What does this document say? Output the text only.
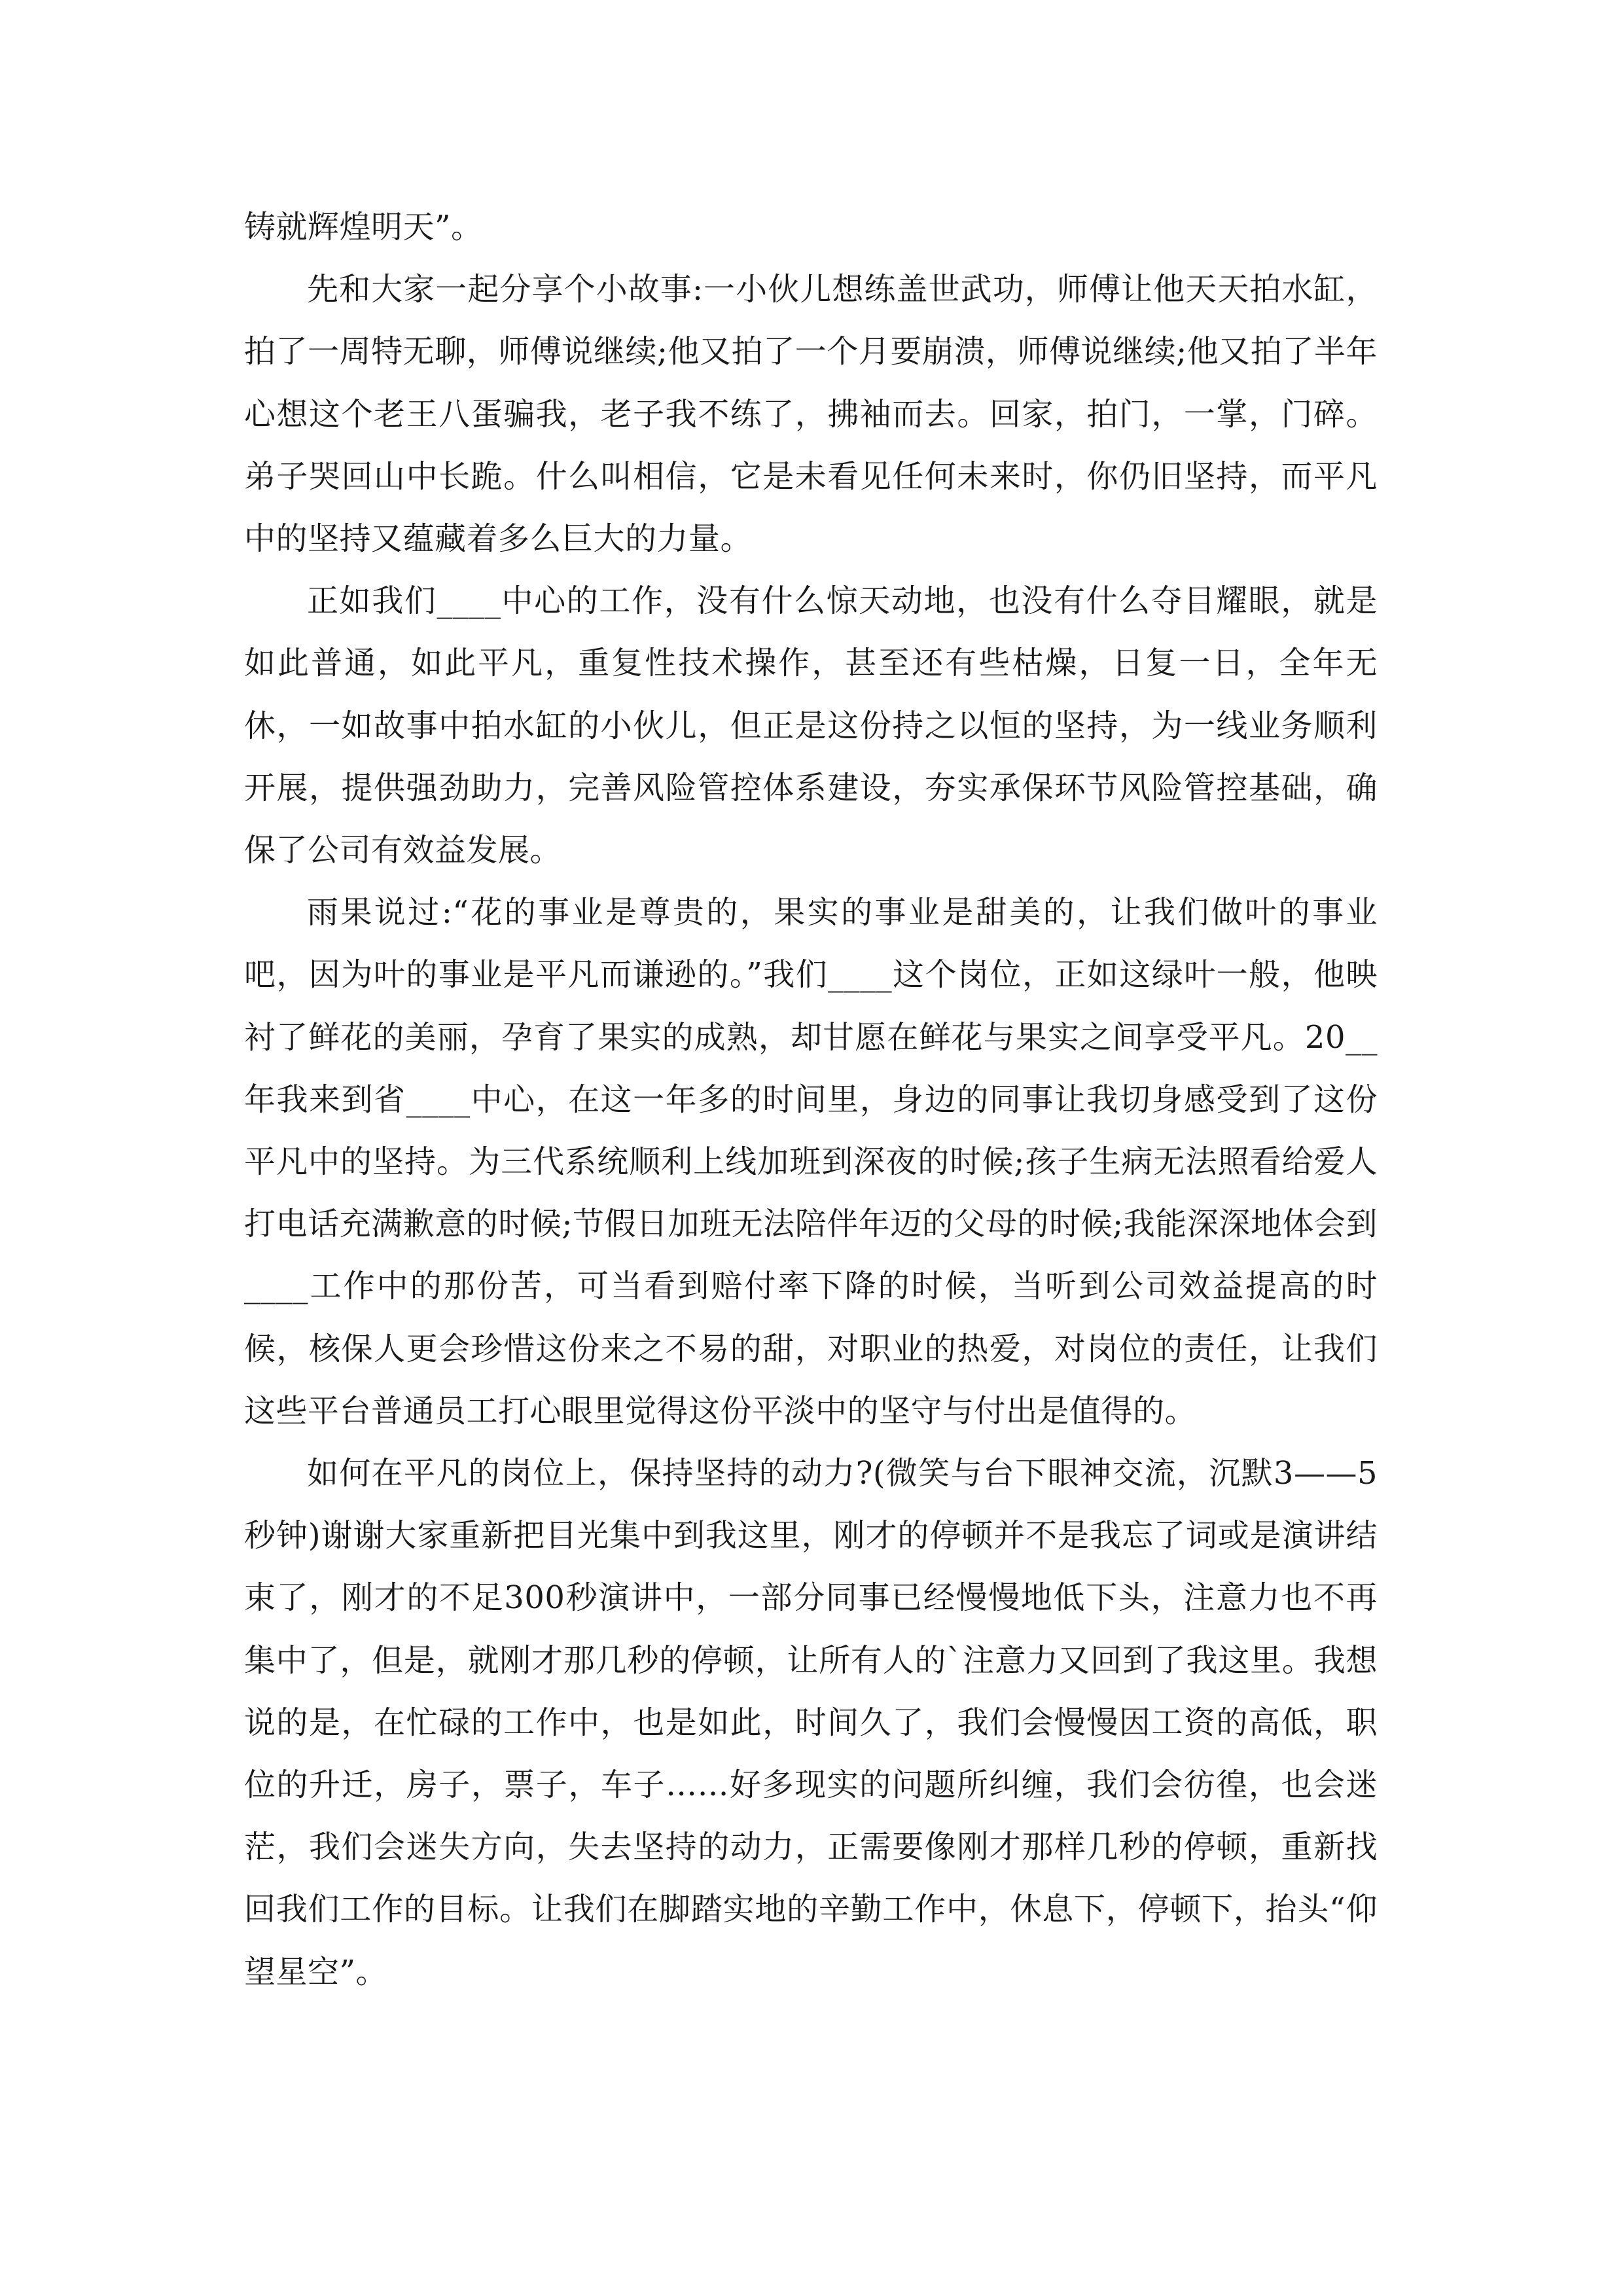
铸就辉煌明天”。

先和大家一起分享个小故事:一小伙儿想练盖世武功，师傅让他天天拍水缸，拍了一周特无聊，师傅说继续;他又拍了一个月要崩溃，师傅说继续;他又拍了半年心想这个老王八蛋骗我，老子我不练了，拂袖而去。回家，拍门，一掌，门碎。弟子哭回山中长跪。什么叫相信，它是未看见任何未来时，你仍旧坚持，而平凡中的坚持又蕴藏着多么巨大的力量。

正如我们____中心的工作，没有什么惊天动地，也没有什么夺目耀眼，就是如此普通，如此平凡，重复性技术操作，甚至还有些枯燥，日复一日，全年无休，一如故事中拍水缸的小伙儿，但正是这份持之以恒的坚持，为一线业务顺利开展，提供强劲助力，完善风险管控体系建设，夯实承保环节风险管控基础，确保了公司有效益发展。

雨果说过:“花的事业是尊贵的，果实的事业是甜美的，让我们做叶的事业吧，因为叶的事业是平凡而谦逊的。”我们____这个岗位，正如这绿叶一般，他映衬了鲜花的美丽，孕育了果实的成熟，却甘愿在鲜花与果实之间享受平凡。20__年我来到省____中心，在这一年多的时间里，身边的同事让我切身感受到了这份平凡中的坚持。为三代系统顺利上线加班到深夜的时候;孩子生病无法照看给爱人打电话充满歉意的时候;节假日加班无法陪伴年迈的父母的时候;我能深深地体会到____工作中的那份苦，可当看到赔付率下降的时候，当听到公司效益提高的时候，核保人更会珍惜这份来之不易的甜，对职业的热爱，对岗位的责任，让我们这些平台普通员工打心眼里觉得这份平淡中的坚守与付出是值得的。

如何在平凡的岗位上，保持坚持的动力?(微笑与台下眼神交流，沉默3——5秒钟)谢谢大家重新把目光集中到我这里，刚才的停顿并不是我忘了词或是演讲结束了，刚才的不足300秒演讲中，一部分同事已经慢慢地低下头，注意力也不再集中了，但是，就刚才那几秒的停顿，让所有人的`注意力又回到了我这里。我想说的是，在忙碌的工作中，也是如此，时间久了，我们会慢慢因工资的高低，职位的升迁，房子，票子，车子……好多现实的问题所纠缠，我们会彷徨，也会迷茫，我们会迷失方向，失去坚持的动力，正需要像刚才那样几秒的停顿，重新找回我们工作的目标。让我们在脚踏实地的辛勤工作中，休息下，停顿下，抬头“仰望星空”。
